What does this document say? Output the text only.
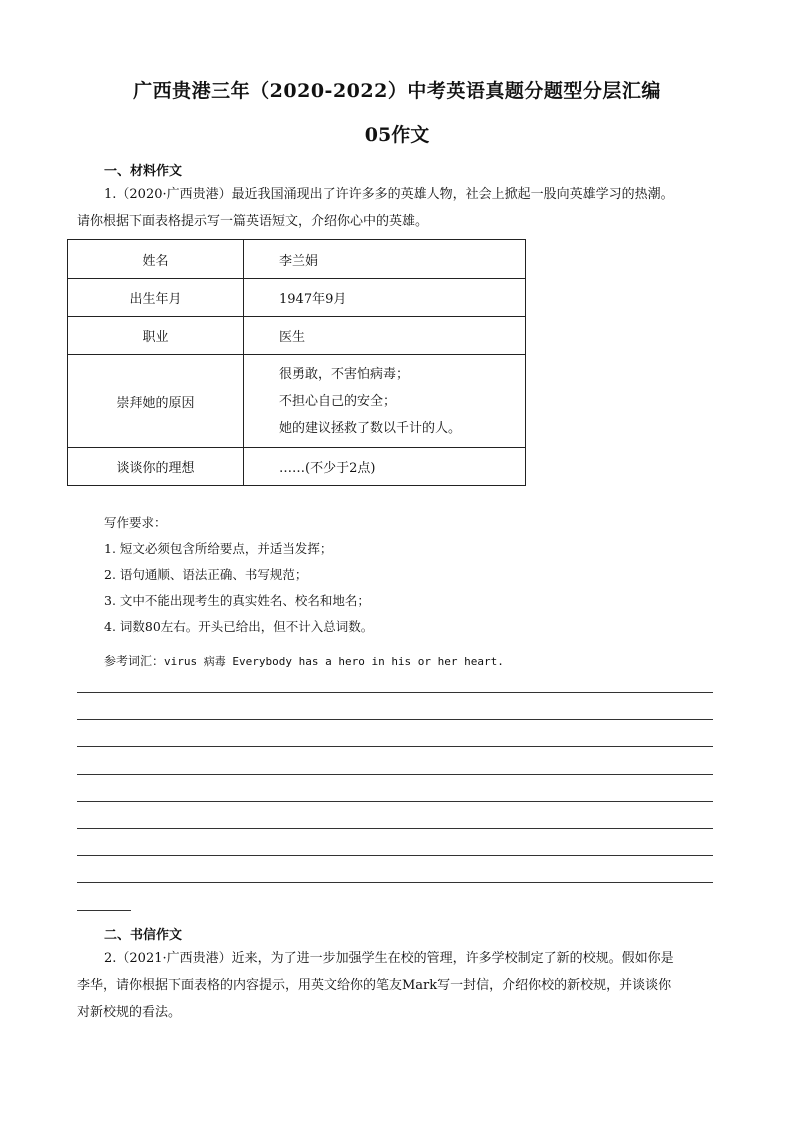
广西贵港三年（2020-2022）中考英语真题分题型分层汇编
05作文
一、材料作文
1.（2020·广西贵港）最近我国涌现出了许许多多的英雄人物，社会上掀起一股向英雄学习的热潮。
请你根据下面表格提示写一篇英语短文，介绍你心中的英雄。
姓名	李兰娟
出生年月	1947年9月
职业	医生
崇拜她的原因	很勇敢，不害怕病毒；
不担心自己的安全；
她的建议拯救了数以千计的人。

谈谈你的理想	……(不少于2点)
写作要求：
1. 短文必须包含所给要点，并适当发挥；
2. 语句通顺、语法正确、书写规范；
3. 文中不能出现考生的真实姓名、校名和地名；
4. 词数80左右。开头已给出，但不计入总词数。
参考词汇：virus 病毒 Everybody has a hero in his or her heart.
二、书信作文
2.（2021·广西贵港）近来，为了进一步加强学生在校的管理，许多学校制定了新的校规。假如你是
李华，请你根据下面表格的内容提示，用英文给你的笔友Mark写一封信，介绍你校的新校规，并谈谈你
对新校规的看法。
